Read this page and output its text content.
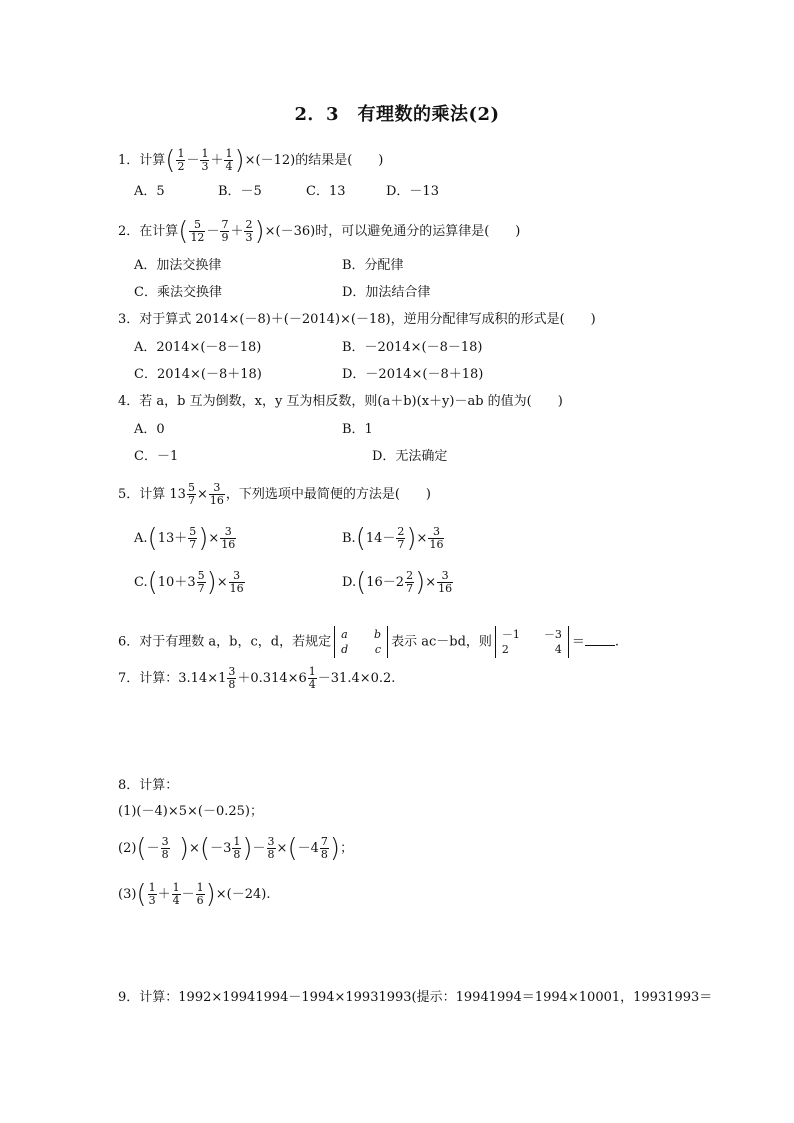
2．3　有理数的乘法(2)
1．计算( $\frac{1}{2} - \frac{1}{3} + \frac{1}{4} )\times(-12)$的结果是(　　)
A．5	B．－5	C．13	D．－13
2．在计算( $\frac{5}{12} - \frac{7}{9} + \frac{2}{3} )\times(-36)$时，可以避免通分的运算律是(　　)
A．加法交换律	B．分配律
C．乘法交换律	D．加法结合律
3．对于算式 2014×(－8)＋(－2014)×(－18)，逆用分配律写成积的形式是(　　)
A．2014×(－8－18)	B．－2014×(－8－18)
C．2014×(－8＋18)	D．－2014×(－8＋18)
4．若 a，b 互为倒数，x，y 互为相反数，则(a＋b)(x＋y)－ab 的值为(　　)
A．0	B．1
C．－1	D．无法确定
5．计算 $13 \frac{5}{7} \times \frac{3}{16}$ ，下列选项中最简便的方法是(　　)
$A.(13+ \frac{5}{7}$ )× $\frac{3}{16}$	$B.(14- \frac{2}{7}$ )× $\frac{3}{16}$
$C.(10+3 \frac{5}{7}$ )× $\frac{3}{16}$	$D.(16-2 \frac{2}{7}$ )× $\frac{3}{16}$
6．对于有理数 a，b，c，d，若规定 a b
d c 表示 ac－bd，则 －1 －3
2	4 ＝ .
7．计算：$3.14\times 1 \frac{3}{8} +0.314\times 6 \frac{1}{4} -31.4\times 0.2$.
8．计算：
(1)(－4)×5×(－0.25)；
$(2)(- \frac{3}{8} )\times(-3 \frac{1}{8}$ )－ $\frac{3}{8} \times(-4 \frac{7}{8}$ )；
$(3)( \frac{1}{3} + \frac{1}{4} - \frac{1}{6} )\times(-24)$.
9．计算：1992×19941994－1994×19931993(提示：19941994＝1994×10001，19931993＝
